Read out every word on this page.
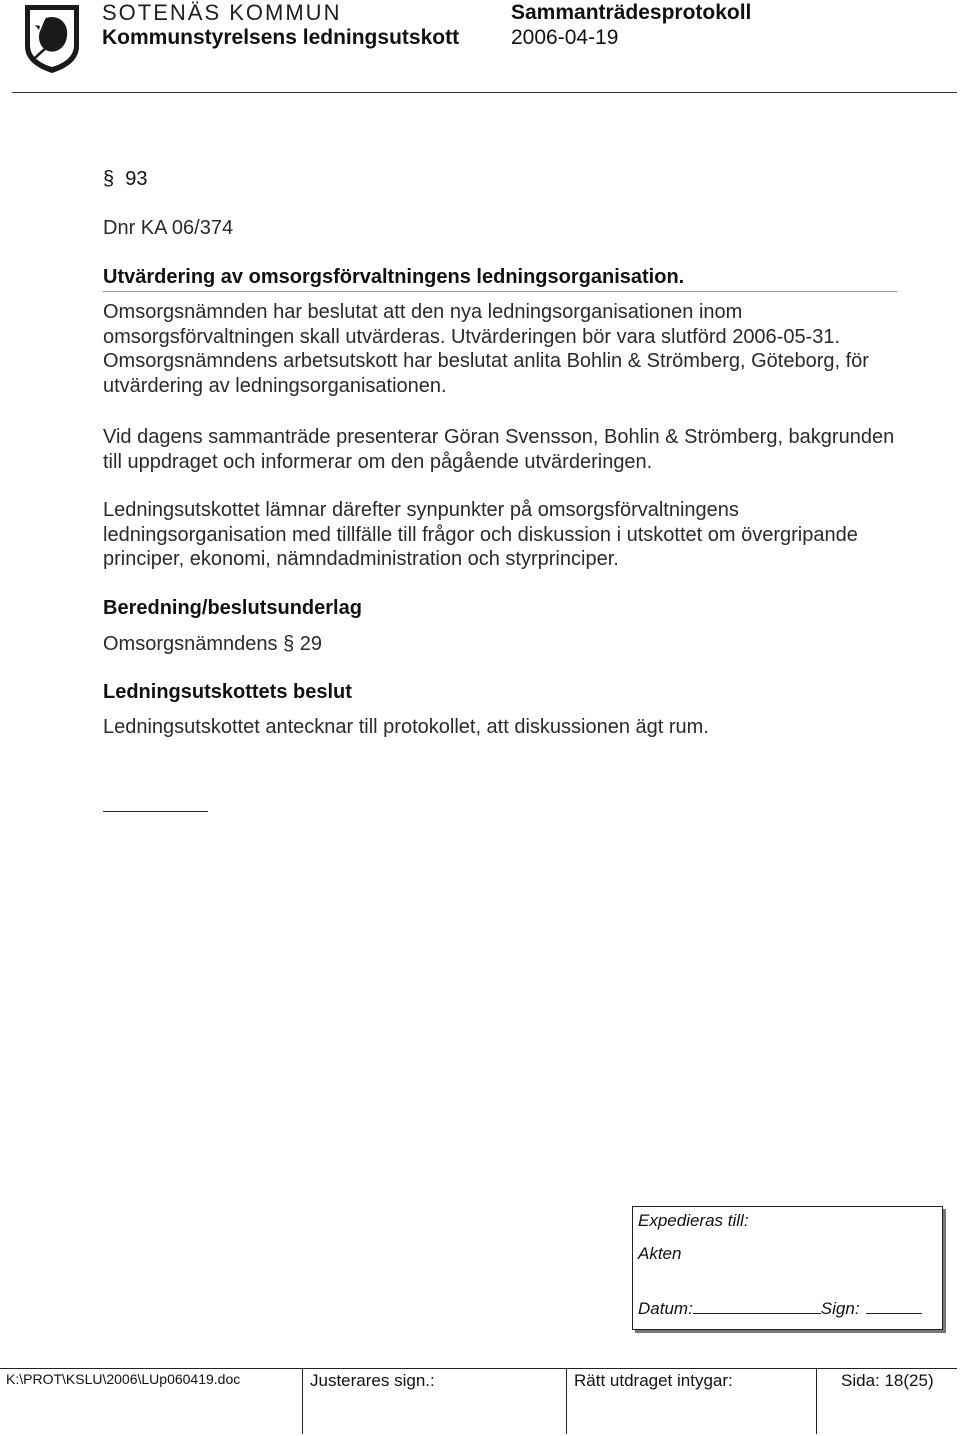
SOTENÄS KOMMUN
Kommunstyrelsens ledningsutskott
Sammanträdesprotokoll
2006-04-19
§ 93
Dnr KA 06/374
Utvärdering av omsorgsförvaltningens ledningsorganisation.
Omsorgsnämnden har beslutat att den nya ledningsorganisationen inom omsorgsförvaltningen skall utvärderas. Utvärderingen bör vara slutförd 2006-05-31. Omsorgsnämndens arbetsutskott har beslutat anlita Bohlin & Strömberg, Göteborg, för utvärdering av ledningsorganisationen.
Vid dagens sammanträde presenterar Göran Svensson, Bohlin & Strömberg, bakgrunden till uppdraget och informerar om den pågående utvärderingen.
Ledningsutskottet lämnar därefter synpunkter på omsorgsförvaltningens ledningsorganisation med tillfälle till frågor och diskussion i utskottet om övergripande principer, ekonomi, nämndadministration och styrprinciper.
Beredning/beslutsunderlag
Omsorgsnämndens § 29
Ledningsutskottets beslut
Ledningsutskottet antecknar till protokollet, att diskussionen ägt rum.
Expedieras till:
Akten
Datum:	Sign:
K:\PROT\KSLU\2006\LUp060419.doc	Justerares sign.:	Rätt utdraget intygar:	Sida: 18(25)
